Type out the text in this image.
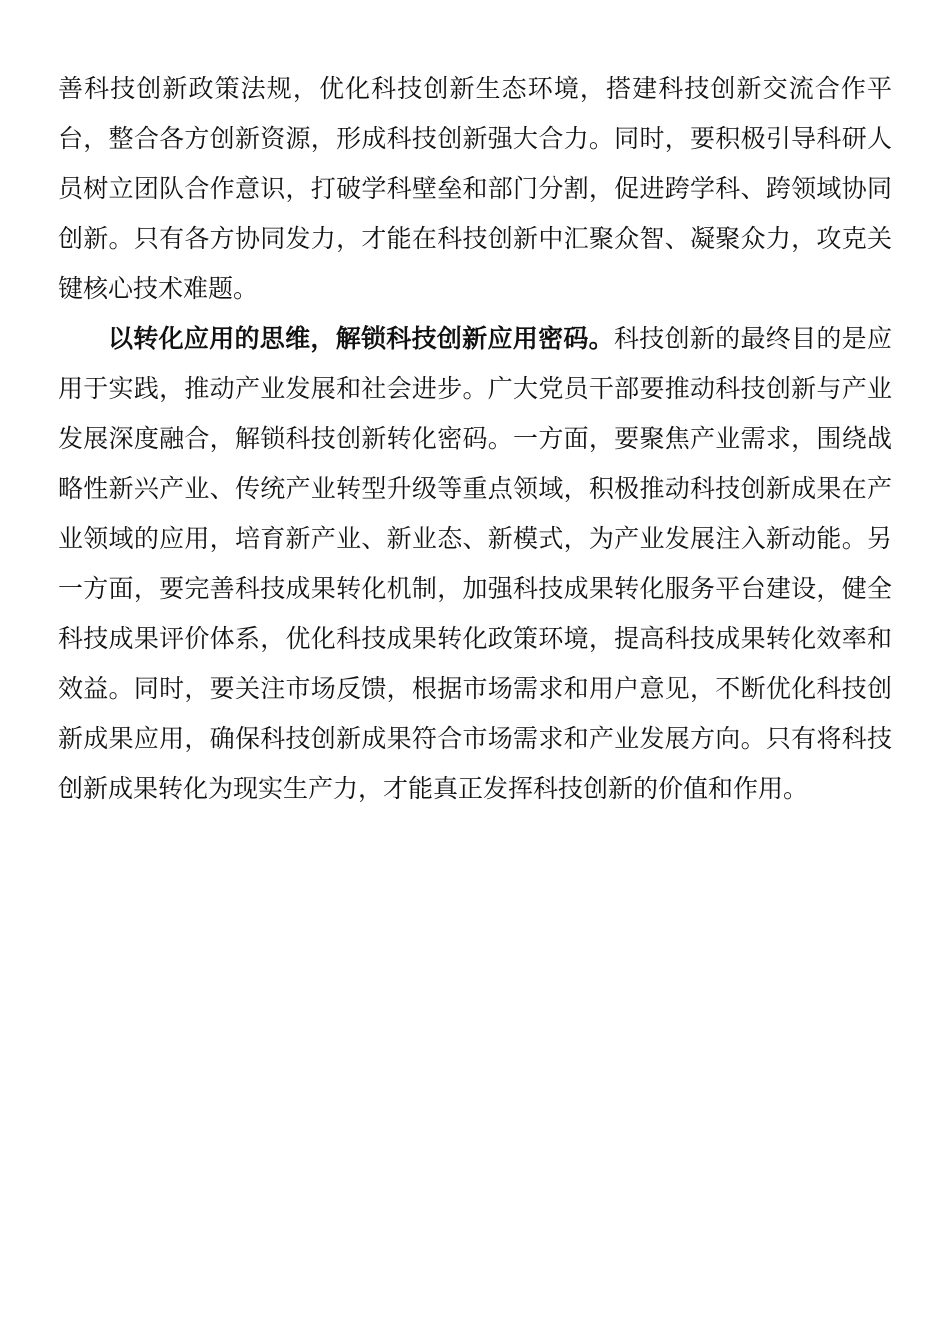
善科技创新政策法规，优化科技创新生态环境，搭建科技创新交流合作平台，整合各方创新资源，形成科技创新强大合力。同时，要积极引导科研人员树立团队合作意识，打破学科壁垒和部门分割，促进跨学科、跨领域协同创新。只有各方协同发力，才能在科技创新中汇聚众智、凝聚众力，攻克关键核心技术难题。

以转化应用的思维，解锁科技创新应用密码。科技创新的最终目的是应用于实践，推动产业发展和社会进步。广大党员干部要推动科技创新与产业发展深度融合，解锁科技创新转化密码。一方面，要聚焦产业需求，围绕战略性新兴产业、传统产业转型升级等重点领域，积极推动科技创新成果在产业领域的应用，培育新产业、新业态、新模式，为产业发展注入新动能。另一方面，要完善科技成果转化机制，加强科技成果转化服务平台建设，健全科技成果评价体系，优化科技成果转化政策环境，提高科技成果转化效率和效益。同时，要关注市场反馈，根据市场需求和用户意见，不断优化科技创新成果应用，确保科技创新成果符合市场需求和产业发展方向。只有将科技创新成果转化为现实生产力，才能真正发挥科技创新的价值和作用。
